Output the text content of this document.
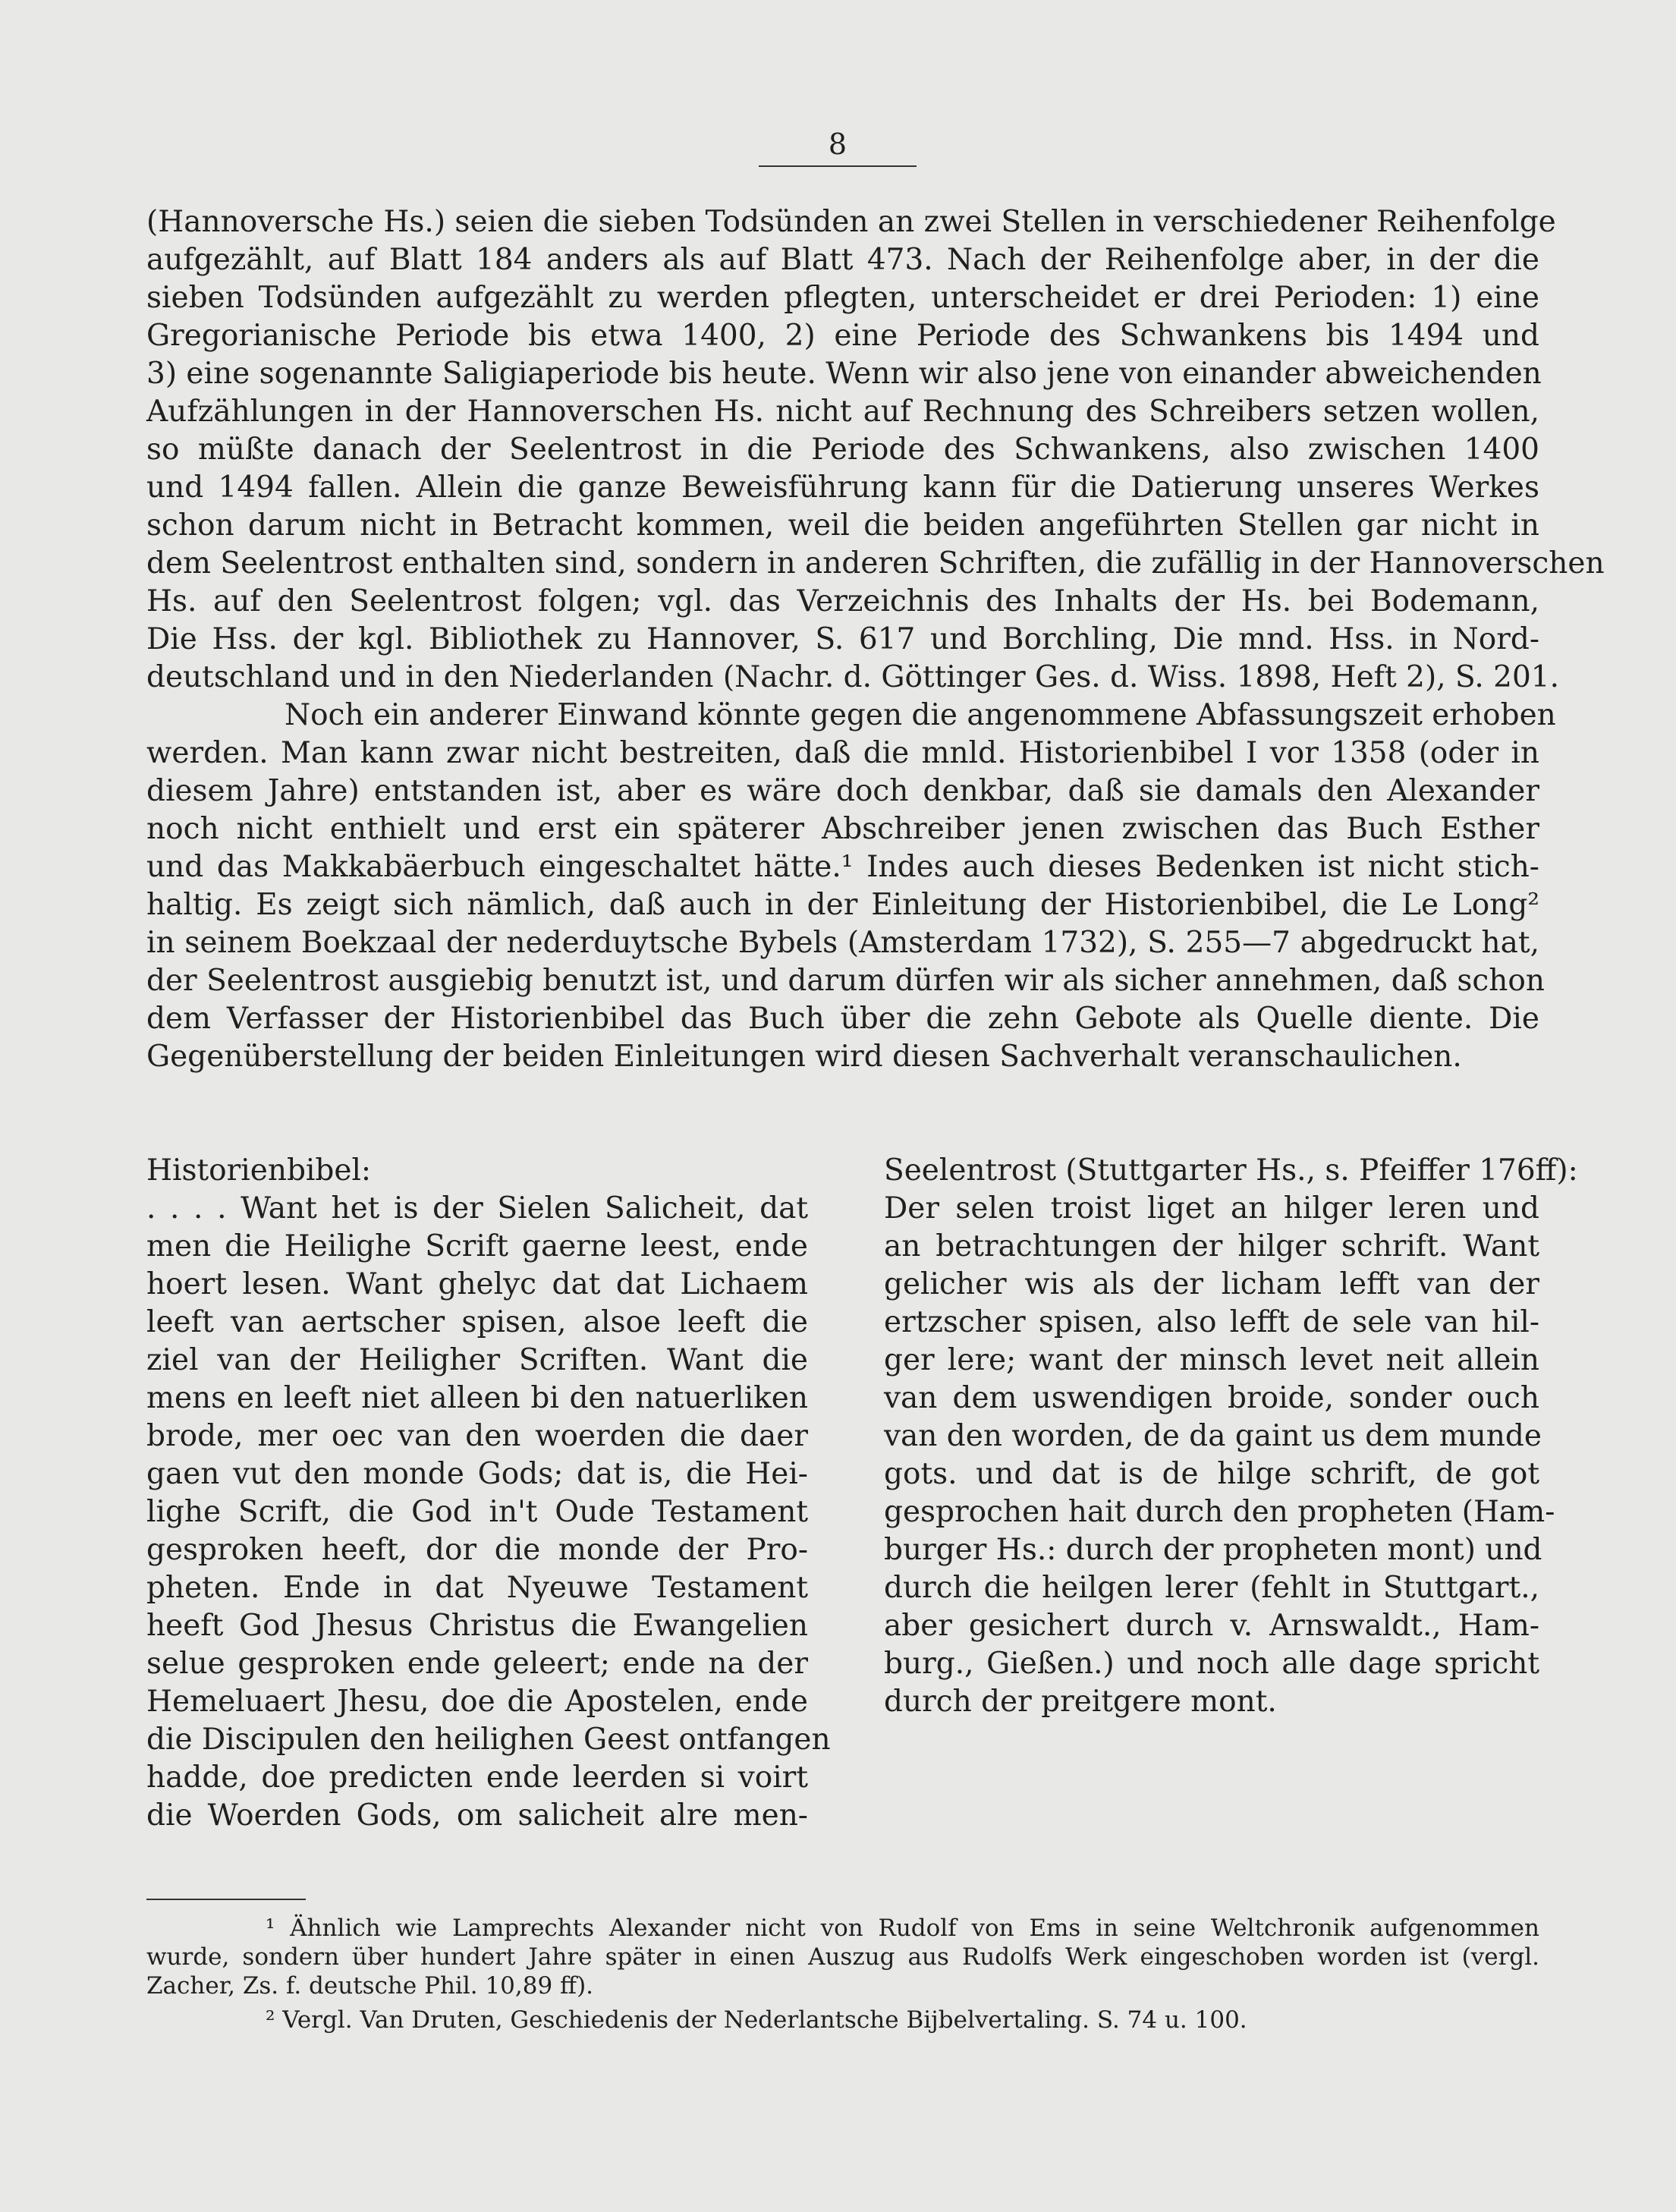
8
(Hannoversche Hs.) seien die sieben Todsünden an zwei Stellen in verschiedener Reihenfolge
aufgezählt, auf Blatt 184 anders als auf Blatt 473. Nach der Reihenfolge aber, in der die
sieben Todsünden aufgezählt zu werden pflegten, unterscheidet er drei Perioden: 1) eine
Gregorianische Periode bis etwa 1400, 2) eine Periode des Schwankens bis 1494 und
3) eine sogenannte Saligiaperiode bis heute. Wenn wir also jene von einander abweichenden
Aufzählungen in der Hannoverschen Hs. nicht auf Rechnung des Schreibers setzen wollen,
so müßte danach der Seelentrost in die Periode des Schwankens, also zwischen 1400
und 1494 fallen. Allein die ganze Beweisführung kann für die Datierung unseres Werkes
schon darum nicht in Betracht kommen, weil die beiden angeführten Stellen gar nicht in
dem Seelentrost enthalten sind, sondern in anderen Schriften, die zufällig in der Hannoverschen
Hs. auf den Seelentrost folgen; vgl. das Verzeichnis des Inhalts der Hs. bei Bodemann,
Die Hss. der kgl. Bibliothek zu Hannover, S. 617 und Borchling, Die mnd. Hss. in Nord-
deutschland und in den Niederlanden (Nachr. d. Göttinger Ges. d. Wiss. 1898, Heft 2), S. 201.
Noch ein anderer Einwand könnte gegen die angenommene Abfassungszeit erhoben
werden. Man kann zwar nicht bestreiten, daß die mnld. Historienbibel I vor 1358 (oder in
diesem Jahre) entstanden ist, aber es wäre doch denkbar, daß sie damals den Alexander
noch nicht enthielt und erst ein späterer Abschreiber jenen zwischen das Buch Esther
und das Makkabäerbuch eingeschaltet hätte.¹ Indes auch dieses Bedenken ist nicht stich-
haltig. Es zeigt sich nämlich, daß auch in der Einleitung der Historienbibel, die Le Long²
in seinem Boekzaal der nederduytsche Bybels (Amsterdam 1732), S. 255—7 abgedruckt hat,
der Seelentrost ausgiebig benutzt ist, und darum dürfen wir als sicher annehmen, daß schon
dem Verfasser der Historienbibel das Buch über die zehn Gebote als Quelle diente. Die
Gegenüberstellung der beiden Einleitungen wird diesen Sachverhalt veranschaulichen.
Historienbibel:
. . . . Want het is der Sielen Salicheit, dat
men die Heilighe Scrift gaerne leest, ende
hoert lesen. Want ghelyc dat dat Lichaem
leeft van aertscher spisen, alsoe leeft die
ziel van der Heiligher Scriften. Want die
mens en leeft niet alleen bi den natuerliken
brode, mer oec van den woerden die daer
gaen vut den monde Gods; dat is, die Hei-
lighe Scrift, die God in't Oude Testament
gesproken heeft, dor die monde der Pro-
pheten. Ende in dat Nyeuwe Testament
heeft God Jhesus Christus die Ewangelien
selue gesproken ende geleert; ende na der
Hemeluaert Jhesu, doe die Apostelen, ende
die Discipulen den heilighen Geest ontfangen
hadde, doe predicten ende leerden si voirt
die Woerden Gods, om salicheit alre men-
Seelentrost (Stuttgarter Hs., s. Pfeiffer 176ff):
Der selen troist liget an hilger leren und
an betrachtungen der hilger schrift. Want
gelicher wis als der licham lefft van der
ertzscher spisen, also lefft de sele van hil-
ger lere; want der minsch levet neit allein
van dem uswendigen broide, sonder ouch
van den worden, de da gaint us dem munde
gots. und dat is de hilge schrift, de got
gesprochen hait durch den propheten (Ham-
burger Hs.: durch der propheten mont) und
durch die heilgen lerer (fehlt in Stuttgart.,
aber gesichert durch v. Arnswaldt., Ham-
burg., Gießen.) und noch alle dage spricht
durch der preitgere mont.
¹ Ähnlich wie Lamprechts Alexander nicht von Rudolf von Ems in seine Weltchronik aufgenommen
wurde, sondern über hundert Jahre später in einen Auszug aus Rudolfs Werk eingeschoben worden ist (vergl.
Zacher, Zs. f. deutsche Phil. 10,89 ff).
² Vergl. Van Druten, Geschiedenis der Nederlantsche Bijbelvertaling. S. 74 u. 100.
